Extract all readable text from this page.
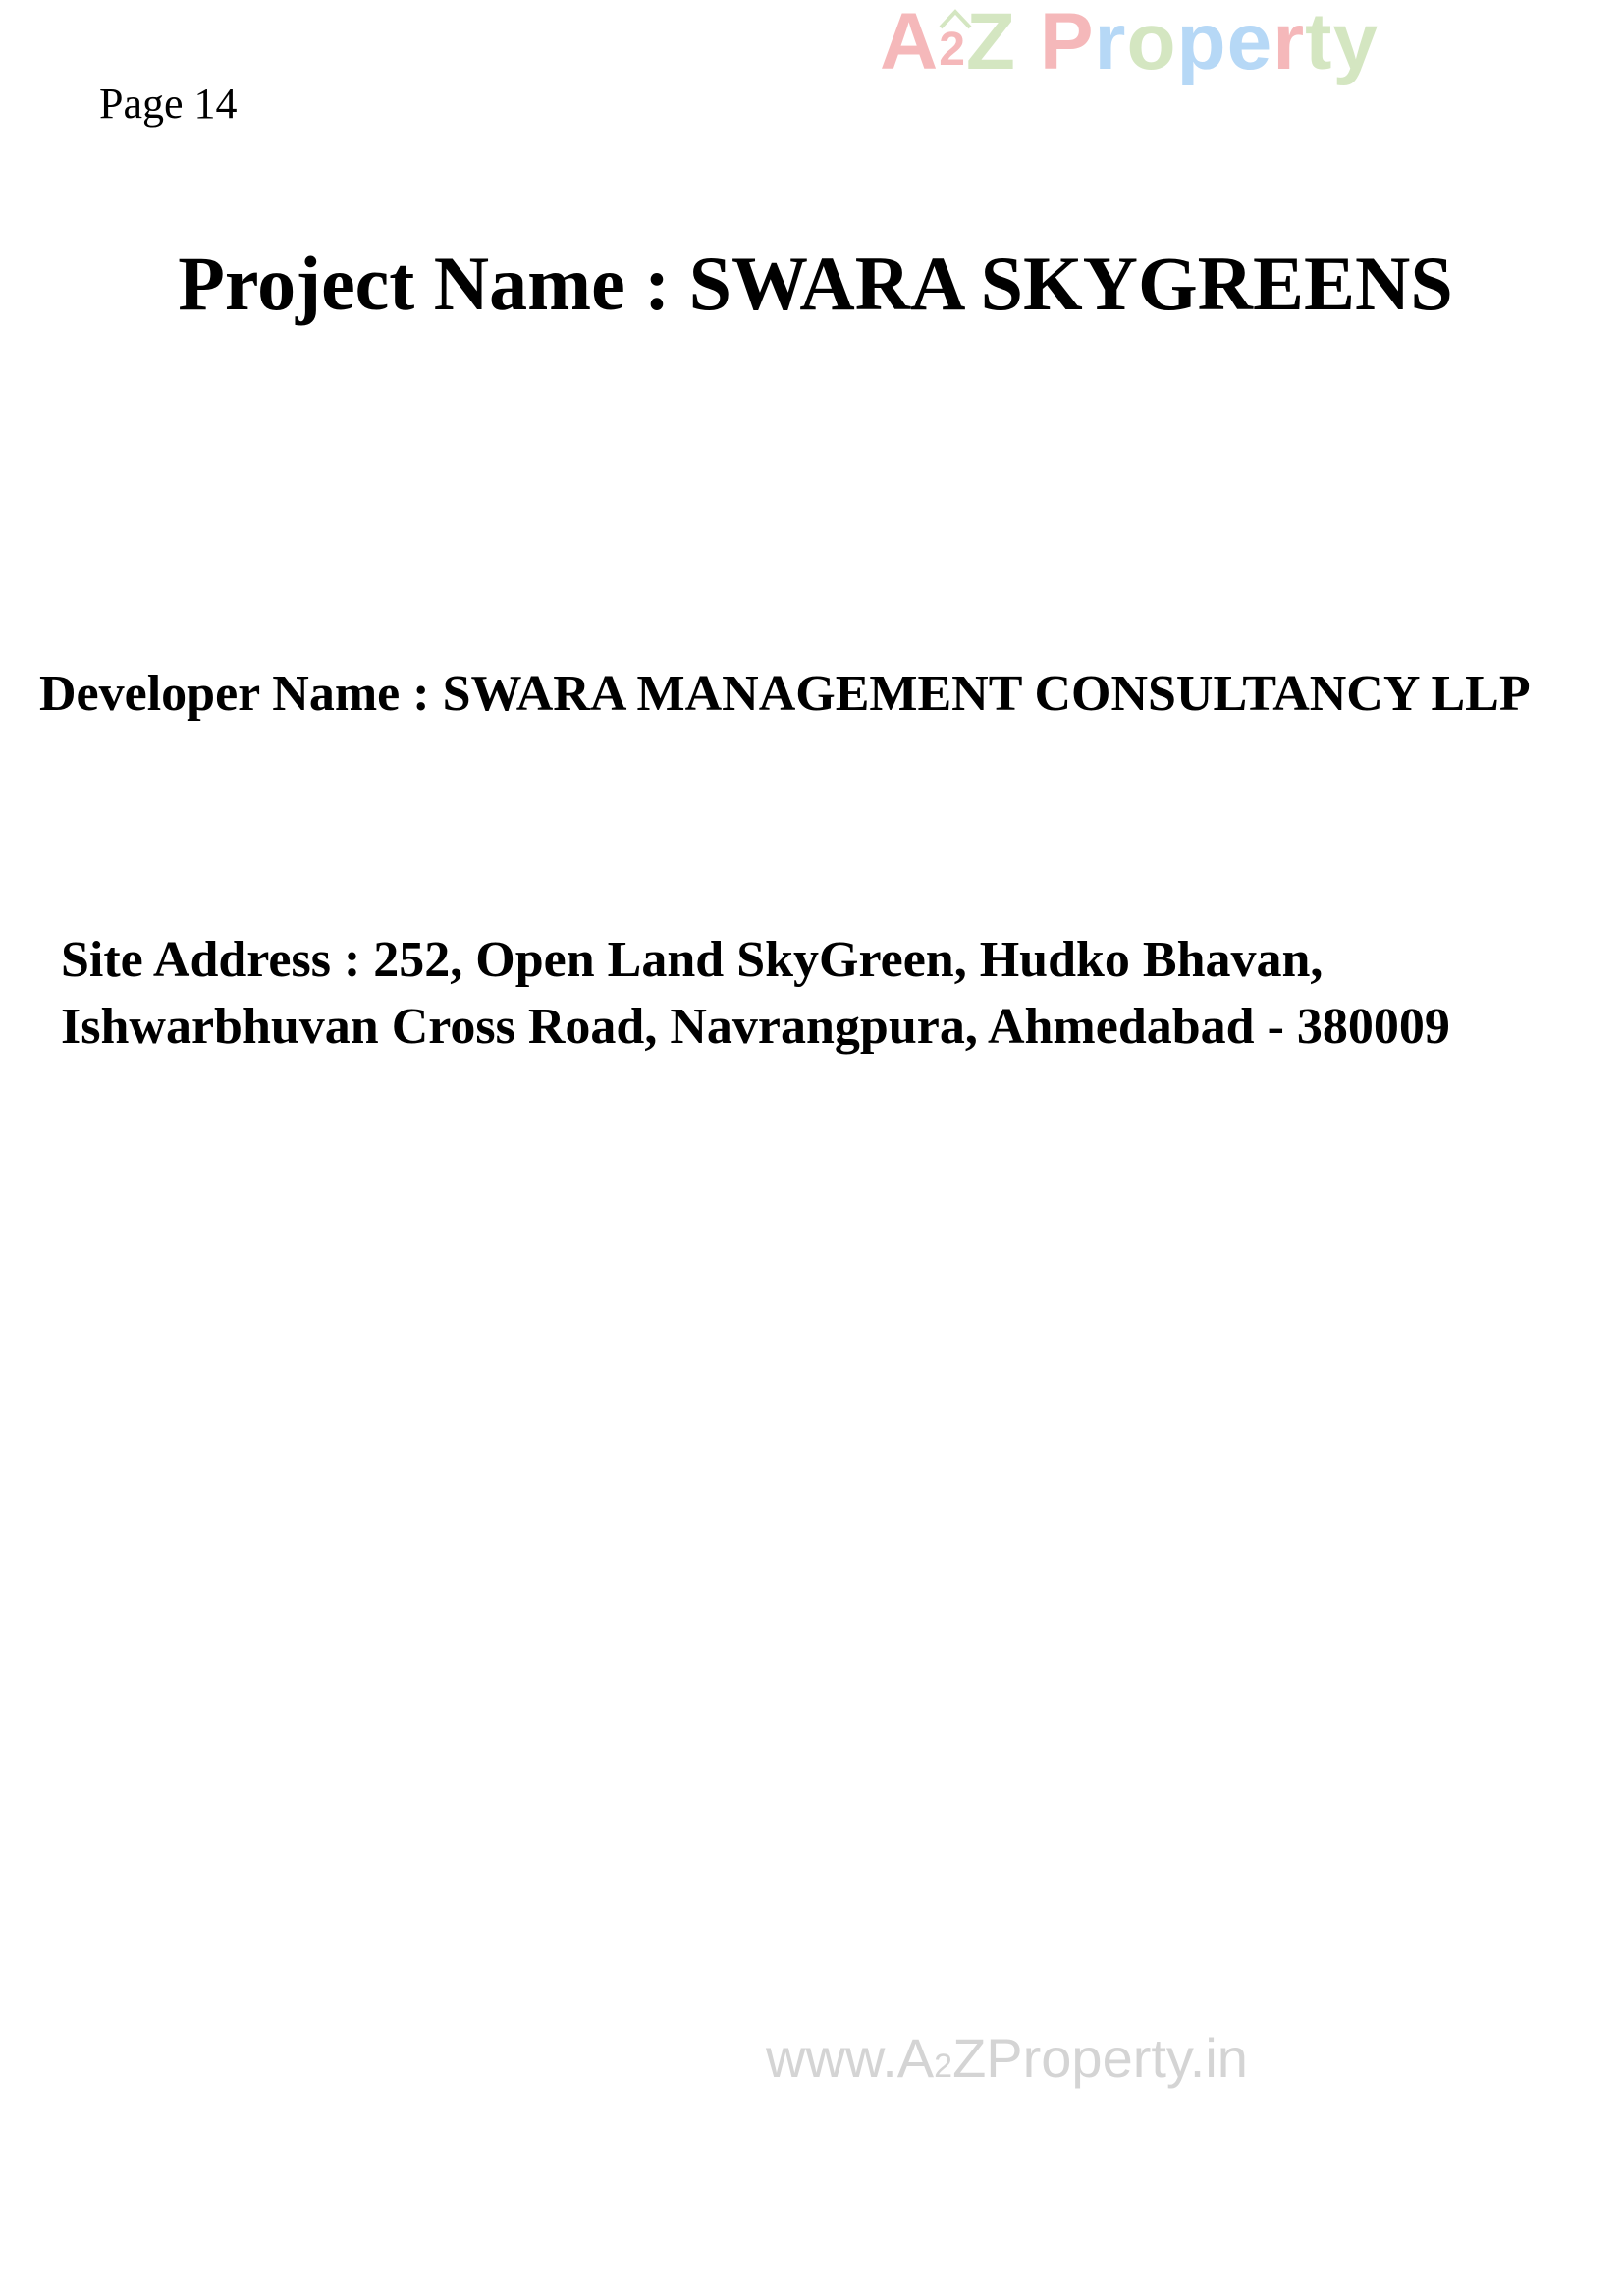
A2Z Property
Page 14
Project Name : SWARA SKYGREENS
Developer Name : SWARA MANAGEMENT CONSULTANCY LLP
Site Address : 252, Open Land SkyGreen, Hudko Bhavan,
Ishwarbhuvan Cross Road, Navrangpura, Ahmedabad - 380009
www.A2ZProperty.in
